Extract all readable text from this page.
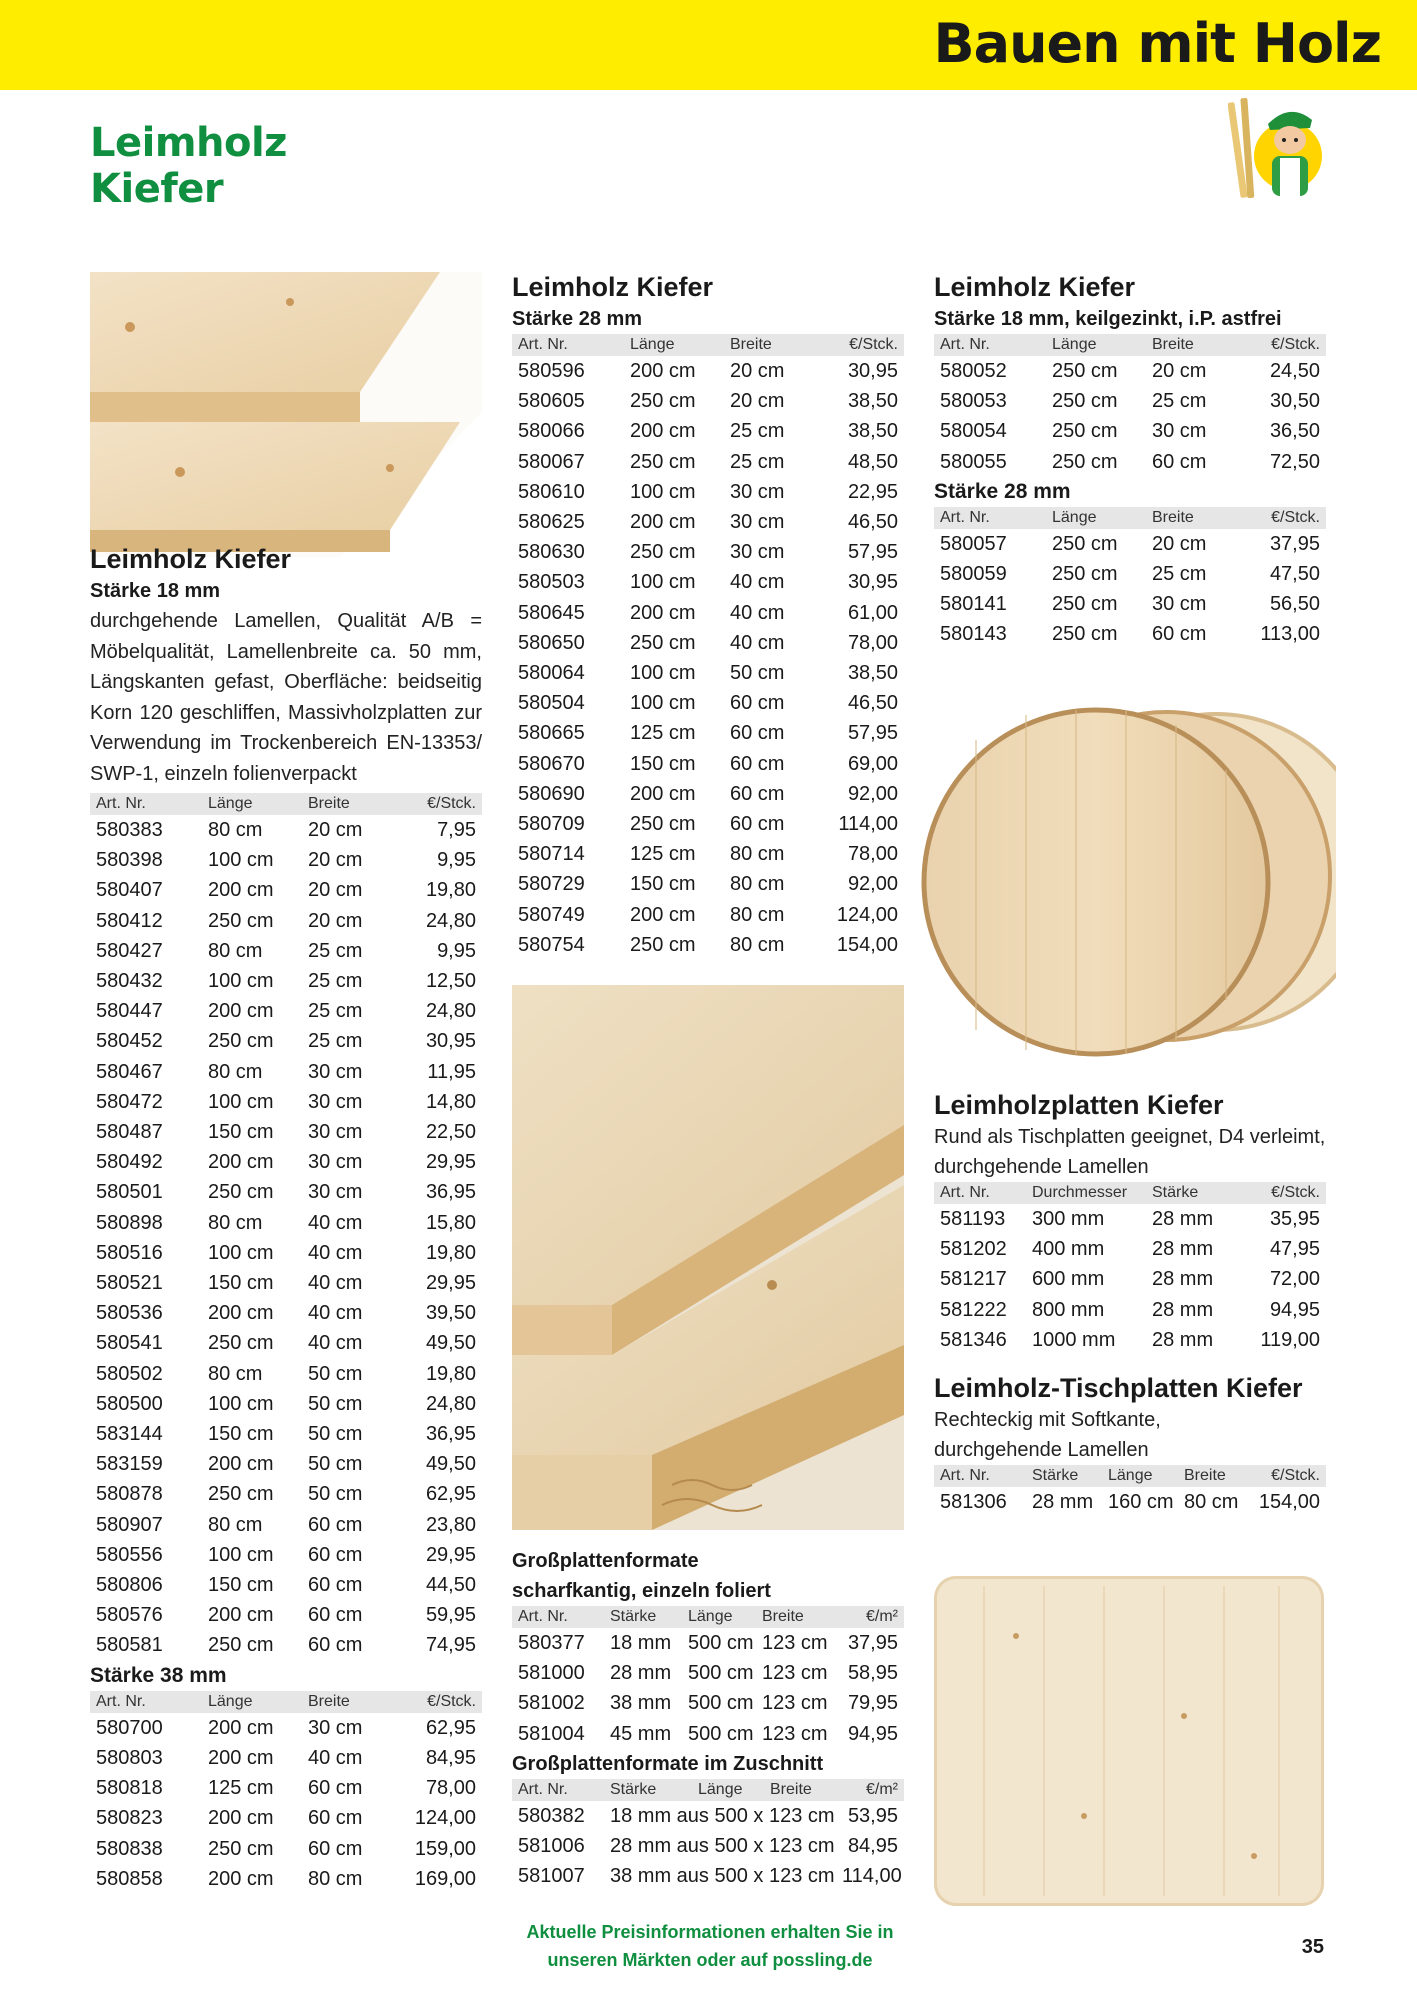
Bauen mit Holz
Leimholz
Kiefer
Leimholz Kiefer
Stärke 18 mm
durchgehende Lamellen, Qualität A/B = Möbelqualität, Lamellenbreite ca. 50 mm, Längskanten gefast, Oberfläche: beidseitig Korn 120 geschliffen, Massivholzplatten zur Verwendung im Trockenbereich EN-13353/ SWP-1, einzeln folienverpackt
Art. Nr.	Länge	Breite	€/Stck.
580383	80 cm	20 cm	7,95
580398	100 cm	20 cm	9,95
580407	200 cm	20 cm	19,80
580412	250 cm	20 cm	24,80
580427	80 cm	25 cm	9,95
580432	100 cm	25 cm	12,50
580447	200 cm	25 cm	24,80
580452	250 cm	25 cm	30,95
580467	80 cm	30 cm	11,95
580472	100 cm	30 cm	14,80
580487	150 cm	30 cm	22,50
580492	200 cm	30 cm	29,95
580501	250 cm	30 cm	36,95
580898	80 cm	40 cm	15,80
580516	100 cm	40 cm	19,80
580521	150 cm	40 cm	29,95
580536	200 cm	40 cm	39,50
580541	250 cm	40 cm	49,50
580502	80 cm	50 cm	19,80
580500	100 cm	50 cm	24,80
583144	150 cm	50 cm	36,95
583159	200 cm	50 cm	49,50
580878	250 cm	50 cm	62,95
580907	80 cm	60 cm	23,80
580556	100 cm	60 cm	29,95
580806	150 cm	60 cm	44,50
580576	200 cm	60 cm	59,95
580581	250 cm	60 cm	74,95
Stärke 38 mm
Art. Nr.	Länge	Breite	€/Stck.
580700	200 cm	30 cm	62,95
580803	200 cm	40 cm	84,95
580818	125 cm	60 cm	78,00
580823	200 cm	60 cm	124,00
580838	250 cm	60 cm	159,00
580858	200 cm	80 cm	169,00
Leimholz Kiefer
Stärke 28 mm
Art. Nr.	Länge	Breite	€/Stck.
580596	200 cm	20 cm	30,95
580605	250 cm	20 cm	38,50
580066	200 cm	25 cm	38,50
580067	250 cm	25 cm	48,50
580610	100 cm	30 cm	22,95
580625	200 cm	30 cm	46,50
580630	250 cm	30 cm	57,95
580503	100 cm	40 cm	30,95
580645	200 cm	40 cm	61,00
580650	250 cm	40 cm	78,00
580064	100 cm	50 cm	38,50
580504	100 cm	60 cm	46,50
580665	125 cm	60 cm	57,95
580670	150 cm	60 cm	69,00
580690	200 cm	60 cm	92,00
580709	250 cm	60 cm	114,00
580714	125 cm	80 cm	78,00
580729	150 cm	80 cm	92,00
580749	200 cm	80 cm	124,00
580754	250 cm	80 cm	154,00
Großplattenformate
scharfkantig, einzeln foliert
Art. Nr.	Stärke	Länge	Breite	€/m²
580377	18 mm	500 cm	123 cm	37,95
581000	28 mm	500 cm	123 cm	58,95
581002	38 mm	500 cm	123 cm	79,95
581004	45 mm	500 cm	123 cm	94,95
Großplattenformate im Zuschnitt
Art. Nr.	Stärke	Länge	Breite	€/m²
580382	18 mm aus 500 x 123 cm			53,95
581006	28 mm aus 500 x 123 cm			84,95
581007	38 mm aus 500 x 123 cm			114,00
Leimholz Kiefer
Stärke 18 mm, keilgezinkt, i.P. astfrei
Art. Nr.	Länge	Breite	€/Stck.
580052	250 cm	20 cm	24,50
580053	250 cm	25 cm	30,50
580054	250 cm	30 cm	36,50
580055	250 cm	60 cm	72,50
Stärke 28 mm
Art. Nr.	Länge	Breite	€/Stck.
580057	250 cm	20 cm	37,95
580059	250 cm	25 cm	47,50
580141	250 cm	30 cm	56,50
580143	250 cm	60 cm	113,00
Leimholzplatten Kiefer
Rund als Tischplatten geeignet, D4 verleimt, durchgehende Lamellen
Art. Nr.	Durchmesser	Stärke	€/Stck.
581193	300 mm	28 mm	35,95
581202	400 mm	28 mm	47,95
581217	600 mm	28 mm	72,00
581222	800 mm	28 mm	94,95
581346	1000 mm	28 mm	119,00
Leimholz-Tischplatten Kiefer
Rechteckig mit Softkante, durchgehende Lamellen
Art. Nr.	Stärke	Länge	Breite	€/Stck.
581306	28 mm	160 cm	80 cm	154,00
Aktuelle Preisinformationen erhalten Sie in unseren Märkten oder auf possling.de
35
